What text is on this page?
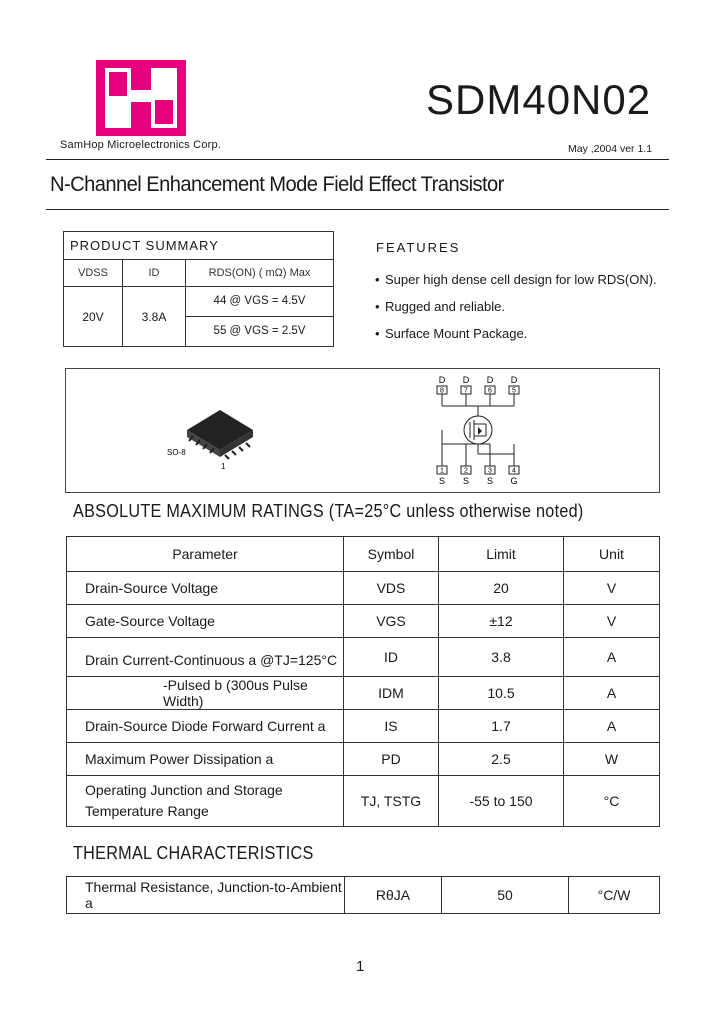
SamHop Microelectronics Corp.
SDM40N02
May ,2004 ver 1.1
N-Channel Enhancement Mode Field Effect Transistor
PRODUCT SUMMARY		
VDSS	ID	RDS(ON) ( mΩ) Max
20V	3.8A	44 @ VGS = 4.5V
55 @ VGS = 2.5V
FEATURES
• Super high dense cell design for low RDS(ON).
• Rugged and reliable.
• Surface Mount Package.
SO-8
1
D D D D
8	7	6	5
1	2	3	4
S S S G
ABSOLUTE MAXIMUM RATINGS (TA=25°C unless otherwise noted)
Parameter	Symbol	Limit	Unit
Drain-Source Voltage	VDS	20	V
Gate-Source Voltage	VGS	±12	V
Drain Current-Continuous a @TJ=125°C	ID	3.8	A
-Pulsed b (300us Pulse Width)	IDM	10.5	A
Drain-Source Diode Forward Current a	IS	1.7	A
Maximum Power Dissipation a	PD	2.5	W

Operating Junction and Storage
Temperature Range	TJ, TSTG	-55 to 150	°C
THERMAL CHARACTERISTICS
Thermal Resistance, Junction-to-Ambient a	RθJA	50	°C/W
1
